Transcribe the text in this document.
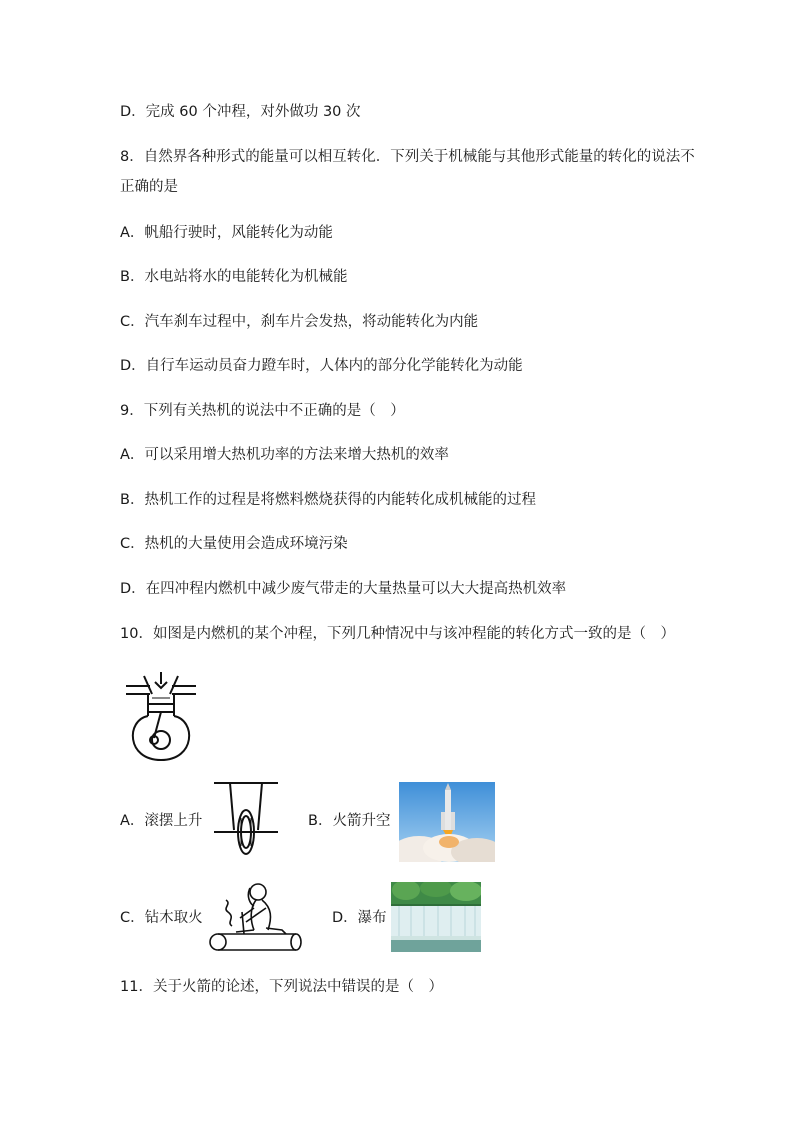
D．完成 60 个冲程，对外做功 30 次
8．自然界各种形式的能量可以相互转化．下列关于机械能与其他形式能量的转化的说法不
正确的是
A．帆船行驶时，风能转化为动能
B．水电站将水的电能转化为机械能
C．汽车刹车过程中，刹车片会发热，将动能转化为内能
D．自行车运动员奋力蹬车时，人体内的部分化学能转化为动能
9．下列有关热机的说法中不正确的是（　）
A．可以采用增大热机功率的方法来增大热机的效率
B．热机工作的过程是将燃料燃烧获得的内能转化成机械能的过程
C．热机的大量使用会造成环境污染
D．在四冲程内燃机中减少废气带走的大量热量可以大大提高热机效率
10．如图是内燃机的某个冲程，下列几种情况中与该冲程能的转化方式一致的是（　）
A．滚摆上升	B．火箭升空
C．钻木取火	D．瀑布
11．关于火箭的论述，下列说法中错误的是（　）
